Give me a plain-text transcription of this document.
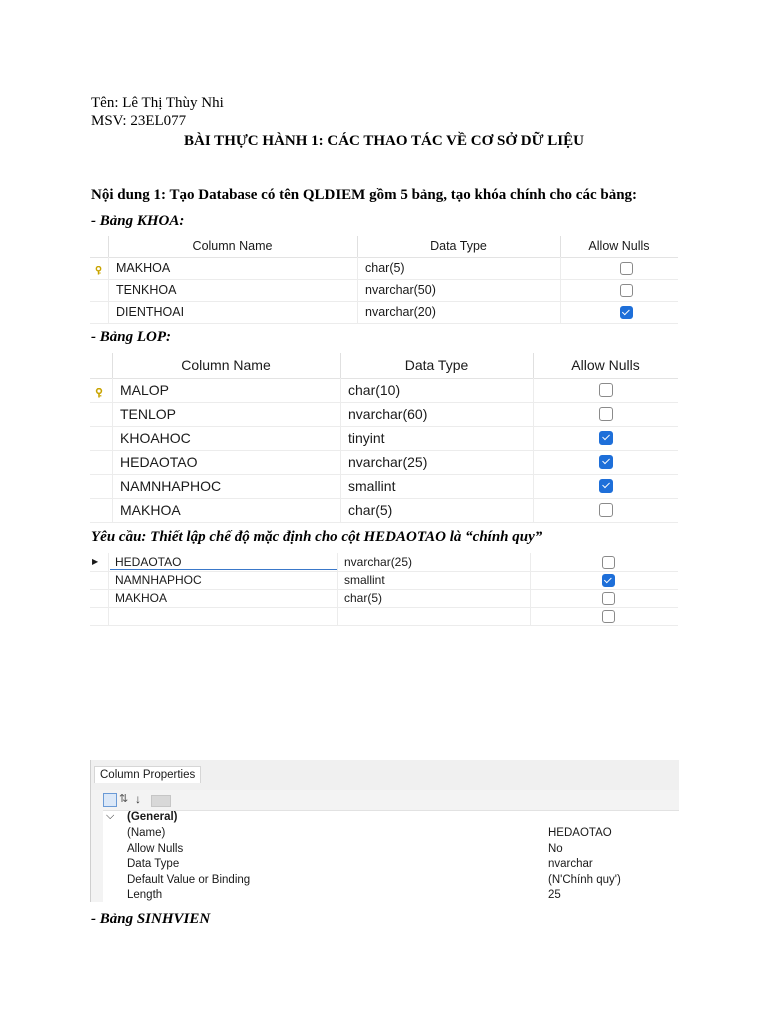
Tên: Lê Thị Thùy Nhi
MSV: 23EL077
BÀI THỰC HÀNH 1: CÁC THAO TÁC VỀ CƠ SỞ DỮ LIỆU
Nội dung 1: Tạo Database có tên QLDIEM gồm 5 bảng, tạo khóa chính cho các bảng:
- Bảng KHOA:
Column Name	Data Type	Allow Nulls
MAKHOA	char(5)
TENKHOA	nvarchar(50)
DIENTHOAI	nvarchar(20)
- Bảng LOP:
Column Name	Data Type	Allow Nulls
MALOP	char(10)
TENLOP	nvarchar(60)
KHOAHOC	tinyint
HEDAOTAO	nvarchar(25)
NAMNHAPHOC	smallint
MAKHOA	char(5)
Yêu cầu: Thiết lập chế độ mặc định cho cột HEDAOTAO là “chính quy”
▶	HEDAOTAO	nvarchar(25)
NAMNHAPHOC	smallint
MAKHOA	char(5)
Column Properties
⇅ ↓
⌵ (General)
(Name)	HEDAOTAO
Allow Nulls	No
Data Type	nvarchar
Default Value or Binding	(N'Chính quy')
Length	25
- Bảng SINHVIEN
